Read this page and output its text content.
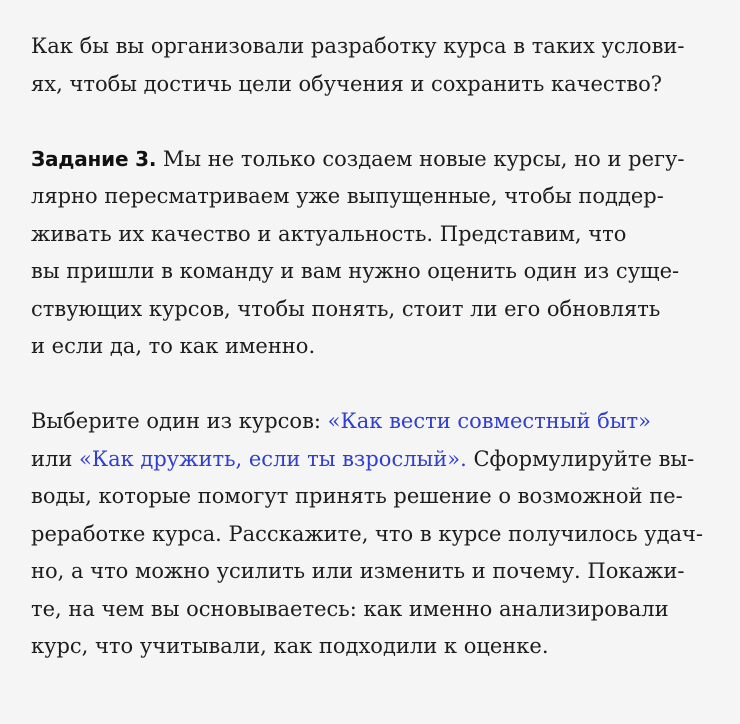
Как бы вы организовали разработку курса в таких услови-
ях, чтобы достичь цели обучения и сохранить качество?
Задание 3. Мы не только создаем новые курсы, но и регу-
лярно пересматриваем уже выпущенные, чтобы поддер-
живать их качество и актуальность. Представим, что
вы пришли в команду и вам нужно оценить один из суще-
ствующих курсов, чтобы понять, стоит ли его обновлять
и если да, то как именно.
Выберите один из курсов: «Как вести совместный быт»
или «Как дружить, если ты взрослый». Сформулируйте вы-
воды, которые помогут принять решение о возможной пе-
реработке курса. Расскажите, что в курсе получилось удач-
но, а что можно усилить или изменить и почему. Покажи-
те, на чем вы основываетесь: как именно анализировали
курс, что учитывали, как подходили к оценке.
